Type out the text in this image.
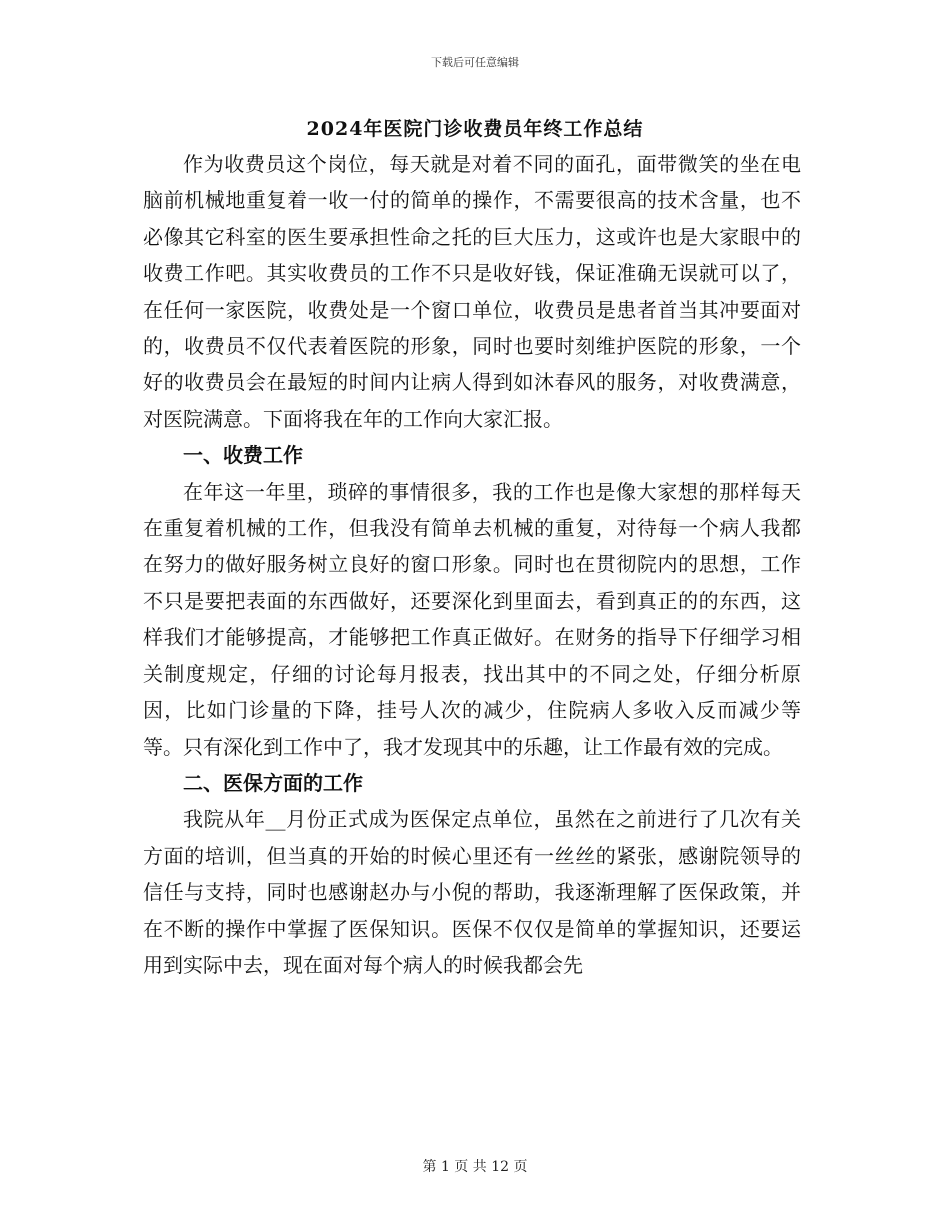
下载后可任意编辑
2024年医院门诊收费员年终工作总结

作为收费员这个岗位，每天就是对着不同的面孔，面带微笑的坐在电脑前机械地重复着一收一付的简单的操作，不需要很高的技术含量，也不必像其它科室的医生要承担性命之托的巨大压力，这或许也是大家眼中的收费工作吧。其实收费员的工作不只是收好钱，保证准确无误就可以了，在任何一家医院，收费处是一个窗口单位，收费员是患者首当其冲要面对的，收费员不仅代表着医院的形象，同时也要时刻维护医院的形象，一个好的收费员会在最短的时间内让病人得到如沐春风的服务，对收费满意，对医院满意。下面将我在年的工作向大家汇报。

一、收费工作

在年这一年里，琐碎的事情很多，我的工作也是像大家想的那样每天在重复着机械的工作，但我没有简单去机械的重复，对待每一个病人我都在努力的做好服务树立良好的窗口形象。同时也在贯彻院内的思想，工作不只是要把表面的东西做好，还要深化到里面去，看到真正的的东西，这样我们才能够提高，才能够把工作真正做好。在财务的指导下仔细学习相关制度规定，仔细的讨论每月报表，找出其中的不同之处，仔细分析原因，比如门诊量的下降，挂号人次的减少，住院病人多收入反而减少等等。只有深化到工作中了，我才发现其中的乐趣，让工作最有效的完成。

二、医保方面的工作

我院从年__月份正式成为医保定点单位，虽然在之前进行了几次有关方面的培训，但当真的开始的时候心里还有一丝丝的紧张，感谢院领导的信任与支持，同时也感谢赵办与小倪的帮助，我逐渐理解了医保政策，并在不断的操作中掌握了医保知识。医保不仅仅是简单的掌握知识，还要运用到实际中去，现在面对每个病人的时候我都会先

第 1 页 共 12 页
